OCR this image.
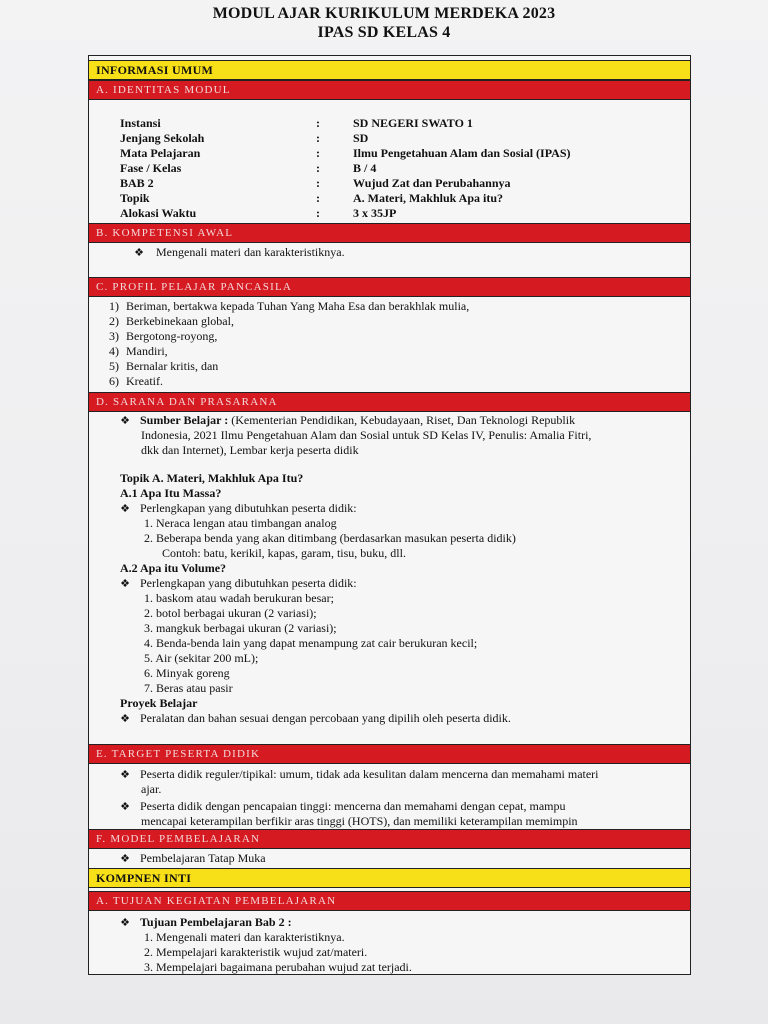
MODUL AJAR KURIKULUM MERDEKA 2023
IPAS SD KELAS 4
INFORMASI UMUM
A. IDENTITAS MODUL
Instansi	:	SD NEGERI SWATO 1
Jenjang Sekolah	:	SD
Mata Pelajaran	:	Ilmu Pengetahuan Alam dan Sosial (IPAS)
Fase / Kelas	:	B / 4
BAB 2	:	Wujud Zat dan Perubahannya
Topik	:	A. Materi, Makhluk Apa itu?
Alokasi Waktu	:	3 x 35JP
B. KOMPETENSI AWAL
❖ Mengenali materi dan karakteristiknya.
C. PROFIL PELAJAR PANCASILA
1) Beriman, bertakwa kepada Tuhan Yang Maha Esa dan berakhlak mulia,
2) Berkebinekaan global,
3) Bergotong-royong,
4) Mandiri,
5) Bernalar kritis, dan
6) Kreatif.
D. SARANA DAN PRASARANA
❖ Sumber Belajar : (Kementerian Pendidikan, Kebudayaan, Riset, Dan Teknologi Republik
Indonesia, 2021 Ilmu Pengetahuan Alam dan Sosial untuk SD Kelas IV, Penulis: Amalia Fitri,
dkk dan Internet), Lembar kerja peserta didik
Topik A. Materi, Makhluk Apa Itu?
A.1 Apa Itu Massa?
❖ Perlengkapan yang dibutuhkan peserta didik:
1. Neraca lengan atau timbangan analog
2. Beberapa benda yang akan ditimbang (berdasarkan masukan peserta didik)
Contoh: batu, kerikil, kapas, garam, tisu, buku, dll.
A.2 Apa itu Volume?
❖ Perlengkapan yang dibutuhkan peserta didik:
1. baskom atau wadah berukuran besar;
2. botol berbagai ukuran (2 variasi);
3. mangkuk berbagai ukuran (2 variasi);
4. Benda-benda lain yang dapat menampung zat cair berukuran kecil;
5. Air (sekitar 200 mL);
6. Minyak goreng
7. Beras atau pasir
Proyek Belajar
❖ Peralatan dan bahan sesuai dengan percobaan yang dipilih oleh peserta didik.
E. TARGET PESERTA DIDIK
❖ Peserta didik reguler/tipikal: umum, tidak ada kesulitan dalam mencerna dan memahami materi
ajar.
❖ Peserta didik dengan pencapaian tinggi: mencerna dan memahami dengan cepat, mampu
mencapai keterampilan berfikir aras tinggi (HOTS), dan memiliki keterampilan memimpin
F. MODEL PEMBELAJARAN
❖ Pembelajaran Tatap Muka
KOMPNEN INTI
A. TUJUAN KEGIATAN PEMBELAJARAN
❖ Tujuan Pembelajaran Bab 2 :
1. Mengenali materi dan karakteristiknya.
2. Mempelajari karakteristik wujud zat/materi.
3. Mempelajari bagaimana perubahan wujud zat terjadi.
